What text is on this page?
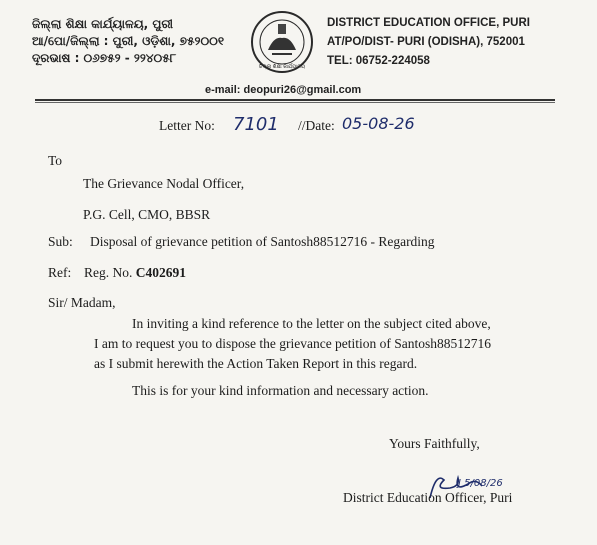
ଜିଲ୍ଲା ଶିକ୍ଷା କାର୍ଯ୍ୟାଳୟ, ପୁରୀ
ଆ/ପୋ/ଜିଲ୍ଲା : ପୁରୀ, ଓଡ଼ିଶା, ୭୫୨୦୦୧
ଦୂରଭାଷ : ୦୬୭୫୨ - ୨୨୪୦୫୮
ଜିଲ୍ଲା ଶିକ୍ଷା କାର୍ଯ୍ୟାଳୟ
DISTRICT EDUCATION OFFICE, PURI
AT/PO/DIST- PURI (ODISHA), 752001
TEL: 06752-224058
e-mail: deopuri26@gmail.com
Letter No: 7101 //Date: 05-08-26
To
The Grievance Nodal Officer,
P.G. Cell, CMO, BBSR
Sub: Disposal of grievance petition of Santosh88512716 - Regarding
Ref: Reg. No. C402691
Sir/ Madam,
In inviting a kind reference to the letter on the subject cited above,
I am to request you to dispose the grievance petition of Santosh88512716
as I submit herewith the Action Taken Report in this regard.
This is for your kind information and necessary action.
Yours Faithfully,
J 5/08/26
District Education Officer, Puri
